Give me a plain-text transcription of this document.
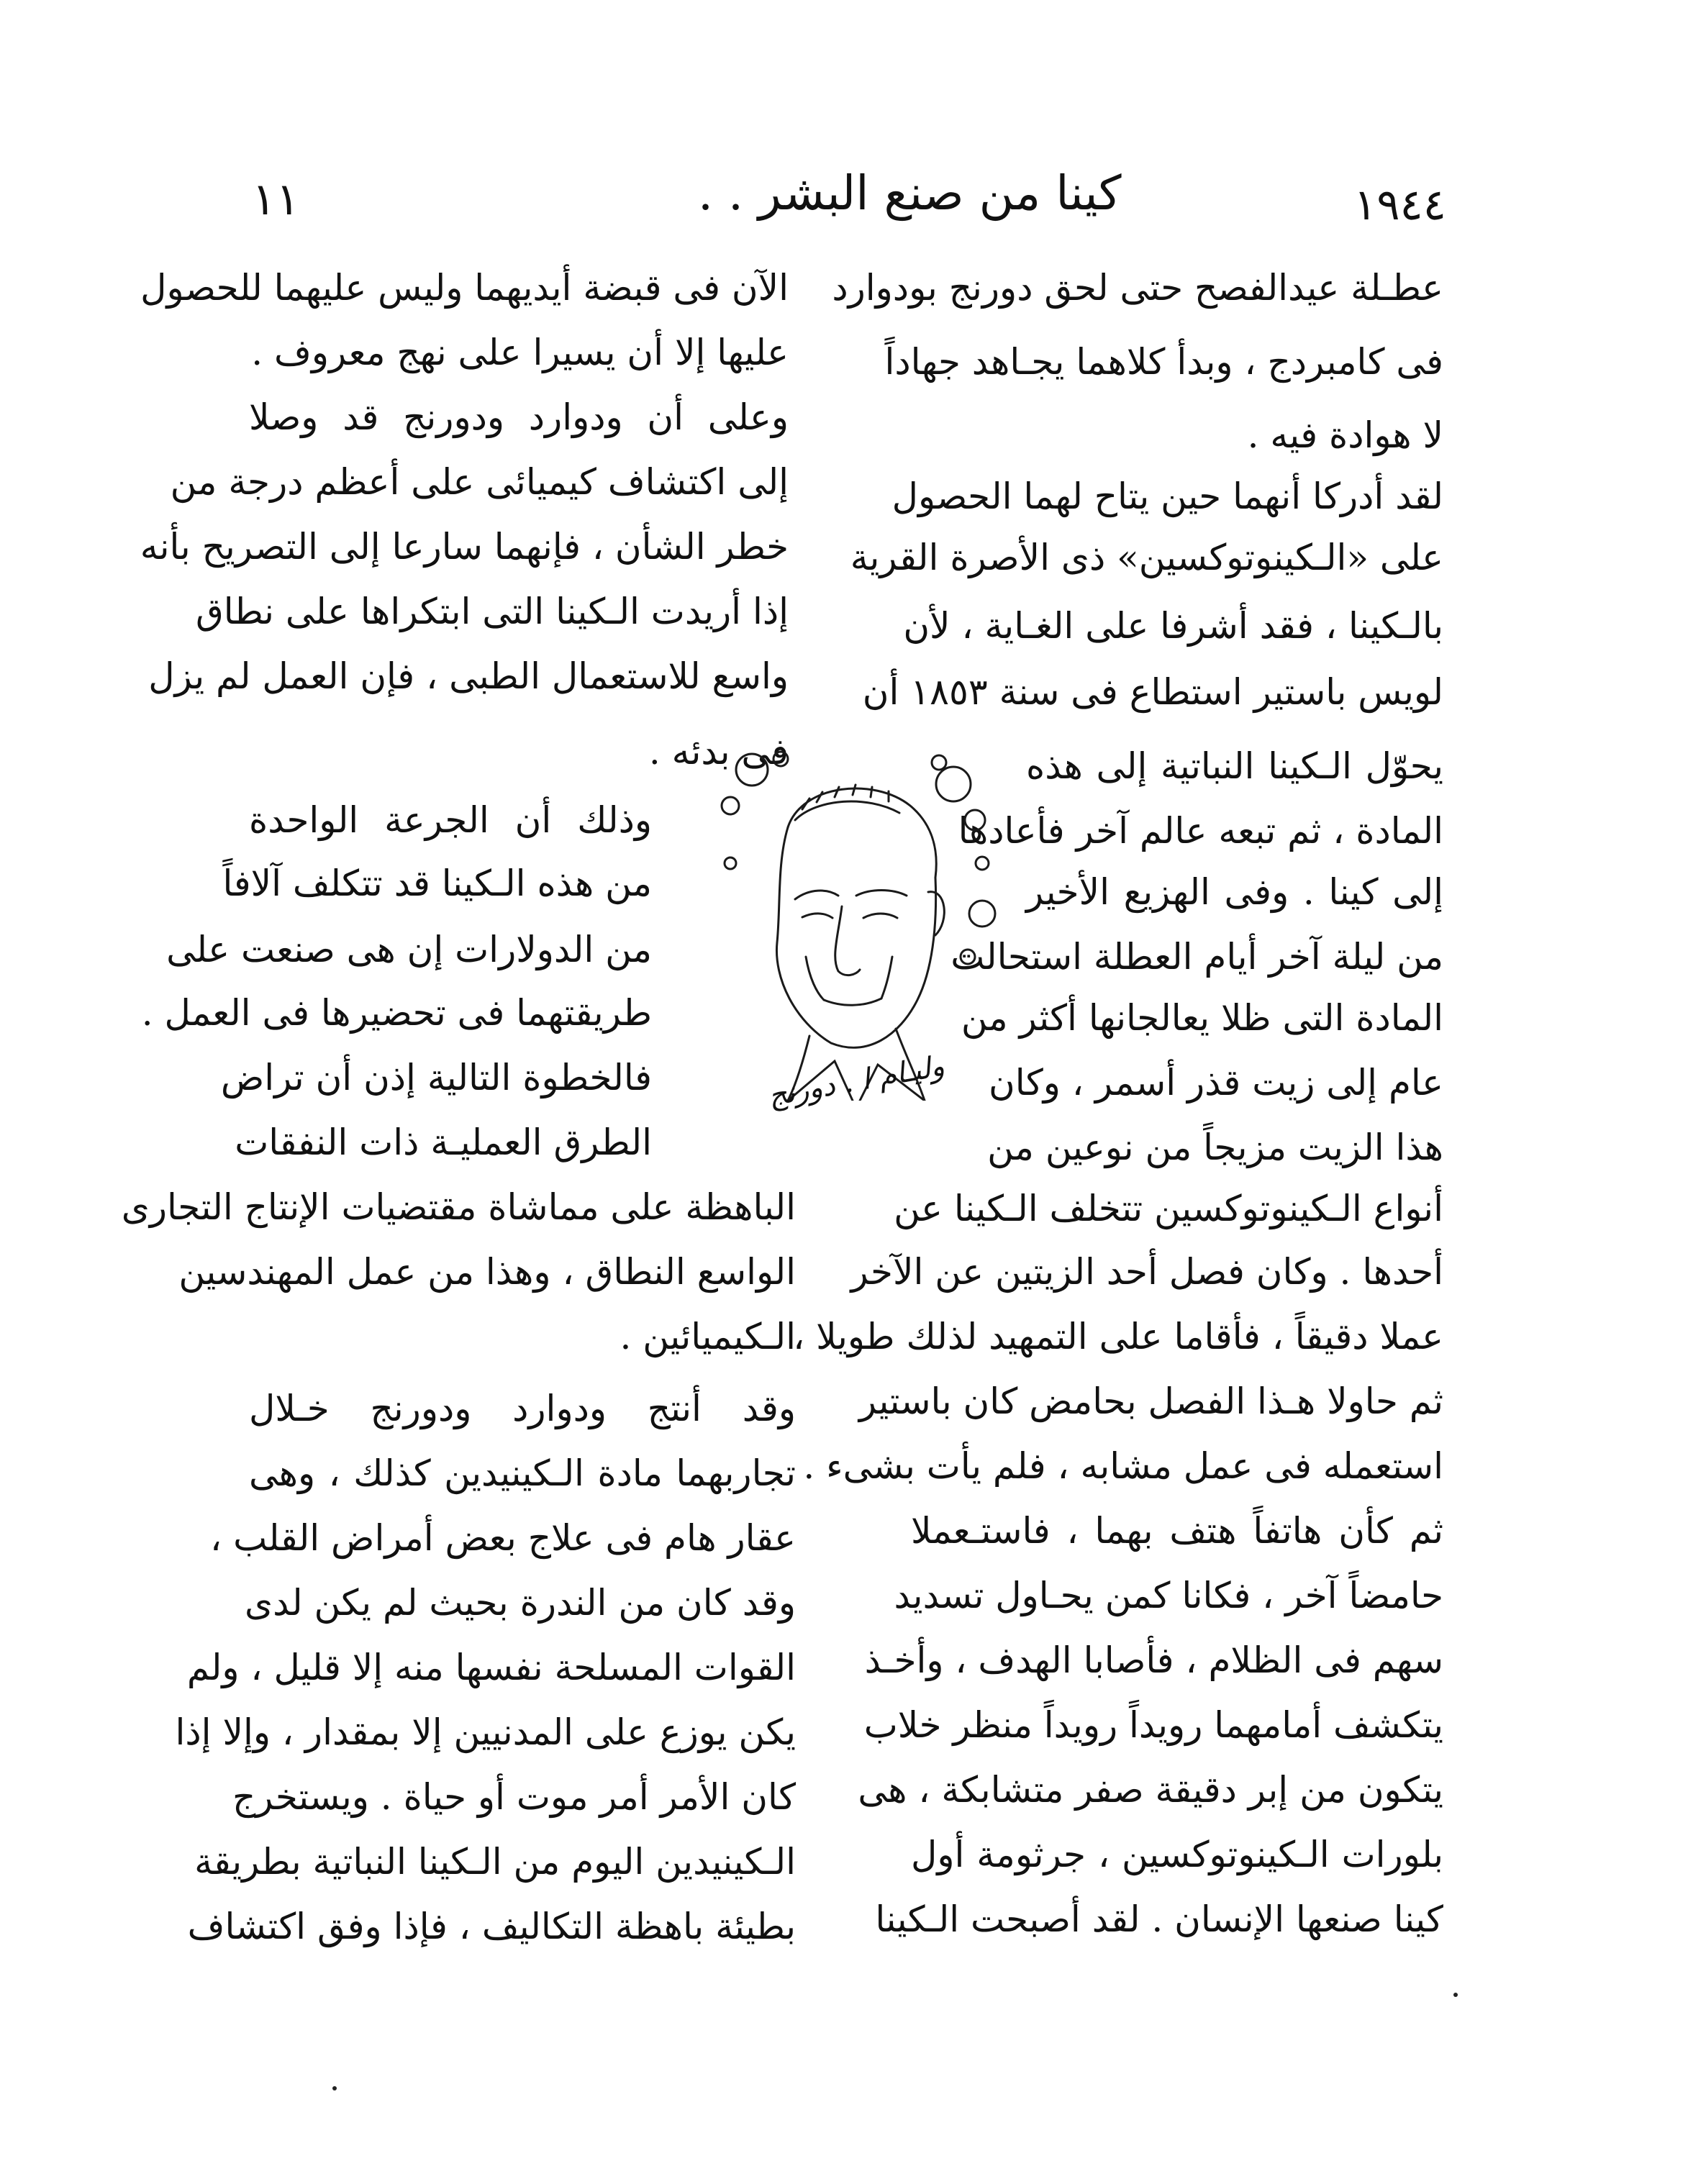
١٩٤٤
كينا من صنع البشر . .
١١
عطـلة عيدالفصح حتى لحق دورنج بودوارد
فى كامبردج ، وبدأ كلاهما يجـاهد جهاداً
لا هوادة فيه .
لقد أدركا أنهما حين يتاح لهما الحصول
على «الـكينوتوكسين» ذى الأصرة القرية
بالـكينا ، فقد أشرفا على الغـاية ، لأن
لويس باستير استطاع فى سنة ١٨٥٣ أن
يحوّل الـكينا النباتية إلى هذه
المادة ، ثم تبعه عالم آخر فأعادها
إلى كينا . وفى الهزيع الأخير
من ليلة آخر أيام العطلة استحالت
المادة التى ظلا يعالجانها أكثر من
عام إلى زيت قذر أسمر ، وكان
هذا الزيت مزيجاً من نوعين من
أنواع الـكينوتوكسين تتخلف الـكينا عن
أحدها . وكان فصل أحد الزيتين عن الآخر
عملا دقيقاً ، فأقاما على التمهيد لذلك طويلا ،
ثم حاولا هـذا الفصل بحامض كان باستير
استعمله فى عمل مشابه ، فلم يأت بشىء .
ثم كأن هاتفاً هتف بهما ، فاستـعملا
حامضاً آخر ، فكانا كمن يحـاول تسديد
سهم فى الظلام ، فأصابا الهدف ، وأخـذ
يتكشف أمامهما رويداً رويداً منظر خلاب
يتكون من إبر دقيقة صفر متشابكة ، هى
بلورات الـكينوتوكسين ، جرثومة أول
كينا صنعها الإنسان . لقد أصبحت الـكينا
الآن فى قبضة أيديهما وليس عليهما للحصول
عليها إلا أن يسيرا على نهج معروف .
وعلى أن ودوارد ودورنج قد وصلا
إلى اكتشاف كيميائى على أعظم درجة من
خطر الشأن ، فإنهما سارعا إلى التصريح بأنه
إذا أريدت الـكينا التى ابتكراها على نطاق
واسع للاستعمال الطبى ، فإن العمل لم يزل
فى بدئه .
وذلك أن الجرعة الواحدة
من هذه الـكينا قد تتكلف آلافاً
من الدولارات إن هى صنعت على
طريقتهما فى تحضيرها فى العمل .
فالخطوة التالية إذن أن تراض
الطرق العمليـة ذات النفقات
الباهظة على مماشاة مقتضيات الإنتاج التجارى
الواسع النطاق ، وهذا من عمل المهندسين
الـكيميائين .
وقد أنتج ودوارد ودورنج خـلال
تجاربهما مادة الـكينيدين كذلك ، وهى
عقار هام فى علاج بعض أمراض القلب ،
وقد كان من الندرة بحيث لم يكن لدى
القوات المسلحة نفسها منه إلا قليل ، ولم
يكن يوزع على المدنيين إلا بمقدار ، وإلا إذا
كان الأمر أمر موت أو حياة . ويستخرج
الـكينيدين اليوم من الـكينا النباتية بطريقة
بطيئة باهظة التكاليف ، فإذا وفق اكتشاف
وليـام ا . دورنج
